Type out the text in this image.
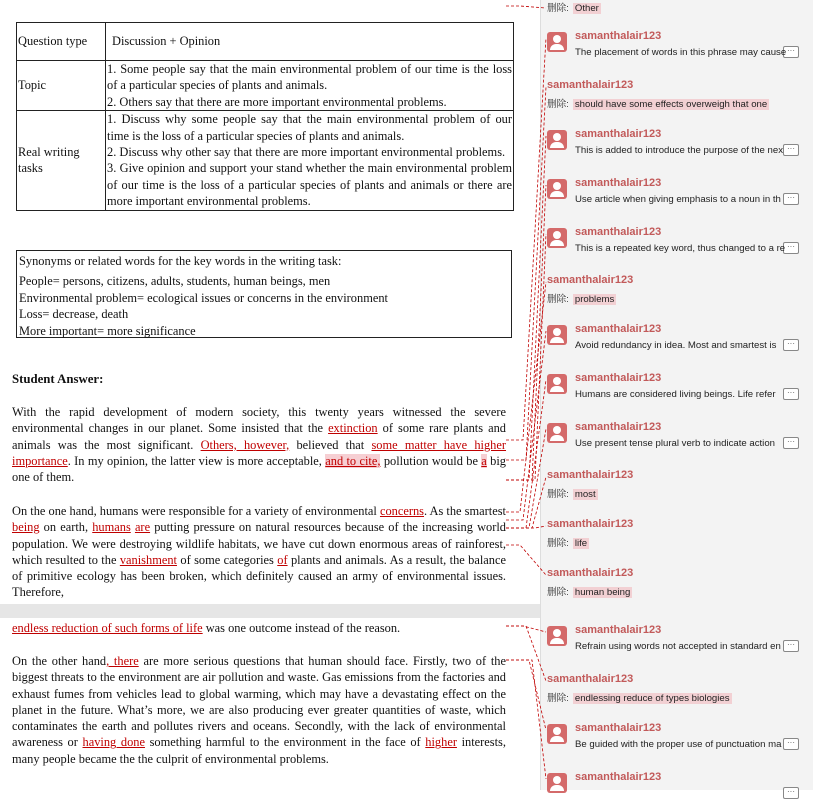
Question type	Discussion + Opinion
Topic	1. Some people say that the main environmental problem of our time is the loss of a particular species of plants and animals.
2. Others say that there are more important environmental problems.

Real writing tasks	1. Discuss why some people say that the main environmental problem of our time is the loss of a particular species of plants and animals.
2. Discuss why other say that there are more important environmental problems.
3. Give opinion and support your stand whether the main environmental problem of our time is the loss of a particular species of plants and animals or there are more important environmental problems.
Synonyms or related words for the key words in the writing task:
People= persons, citizens, adults, students, human beings, men
Environmental problem= ecological issues or concerns in the environment
Loss= decrease, death
More important= more significance
Student Answer:
With the rapid development of modern society, this twenty years witnessed the severe environmental changes in our planet. Some insisted that the extinction of some rare plants and animals was the most significant. Others, however, believed that some matter have higher importance. In my opinion, the latter view is more acceptable, and to cite, pollution would be a big one of them.
On the one hand, humans were responsible for a variety of environmental concerns. As the smartest being on earth, humans are putting pressure on natural resources because of the increasing world population. We were destroying wildlife habitats, we have cut down enormous areas of rainforest, which resulted to the vanishment of some categories of plants and animals. As a result, the balance of primitive ecology has been broken, which definitely caused an army of environmental issues. Therefore,
endless reduction of such forms of life was one outcome instead of the reason.
On the other hand, there are more serious questions that human should face. Firstly, two of the biggest threats to the environment are air pollution and waste. Gas emissions from the factories and exhaust fumes from vehicles lead to global warming, which may have a devastating effect on the planet in the future. What’s more, we are also producing ever greater quantities of waste, which contaminates the earth and pollutes rivers and oceans. Secondly, with the lack of environmental awareness or having done something harmful to the environment in the face of higher interests, many people became the the culprit of environmental problems.
删除: Other
samanthalair123
···
The placement of words in this phrase may cause
samanthalair123
删除: should have some effects overweigh that one
samanthalair123
···
This is added to introduce the purpose of the nex
samanthalair123
···
Use article when giving emphasis to a noun in th
samanthalair123
···
This is a repeated key word, thus changed to a re
samanthalair123
删除: problems
samanthalair123
···
Avoid redundancy in idea. Most and smartest is
samanthalair123
···
Humans are considered living beings. Life refer
samanthalair123
···
Use present tense plural verb to indicate action
samanthalair123
删除: most
samanthalair123
删除: life
samanthalair123
删除: human being
samanthalair123
···
Refrain using words not accepted in standard en
samanthalair123
删除: endlessing reduce of types biologies
samanthalair123
···
Be guided with the proper use of punctuation ma
samanthalair123
···
